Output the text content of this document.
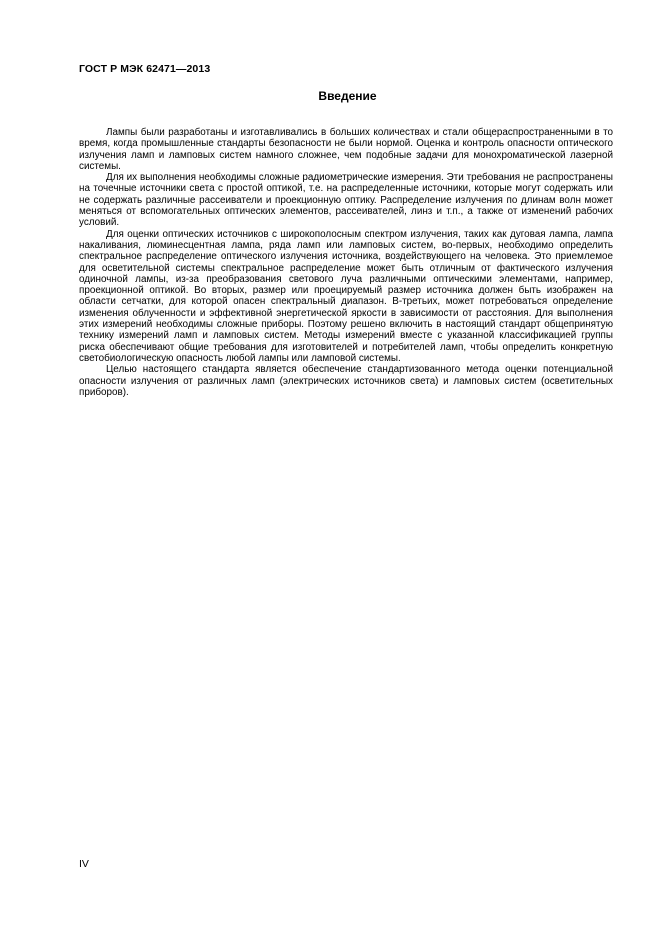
ГОСТ Р МЭК 62471—2013
Введение

Лампы были разработаны и изготавливались в больших количествах и стали общераспространенными в то время, когда промышленные стандарты безопасности не были нормой. Оценка и контроль опасности оптического излучения ламп и ламповых систем намного сложнее, чем подобные задачи для монохроматической лазерной системы.

Для их выполнения необходимы сложные радиометрические измерения. Эти требования не распространены на точечные источники света с простой оптикой, т.е. на распределенные источники, которые могут содержать или не содержать различные рассеиватели и проекционную оптику. Распределение излучения по длинам волн может меняться от вспомогательных оптических элементов, рассеивателей, линз и т.п., а также от изменений рабочих условий.

Для оценки оптических источников с широкополосным спектром излучения, таких как дуговая лампа, лампа накаливания, люминесцентная лампа, ряда ламп или ламповых систем, во-первых, необходимо определить спектральное распределение оптического излучения источника, воздействующего на человека. Это приемлемое для осветительной системы спектральное распределение может быть отличным от фактического излучения одиночной лампы, из-за преобразования светового луча различными оптическими элементами, например, проекционной оптикой. Во вторых, размер или проецируемый размер источника должен быть изображен на области сетчатки, для которой опасен спектральный диапазон. В-третьих, может потребоваться определение изменения облученности и эффективной энергетической яркости в зависимости от расстояния. Для выполнения этих измерений необходимы сложные приборы. Поэтому решено включить в настоящий стандарт общепринятую технику измерений ламп и ламповых систем. Методы измерений вместе с указанной классификацией группы риска обеспечивают общие требования для изготовителей и потребителей ламп, чтобы определить конкретную светобиологическую опасность любой лампы или ламповой системы.

Целью настоящего стандарта является обеспечение стандартизованного метода оценки потенциальной опасности излучения от различных ламп (электрических источников света) и ламповых систем (осветительных приборов).

IV
